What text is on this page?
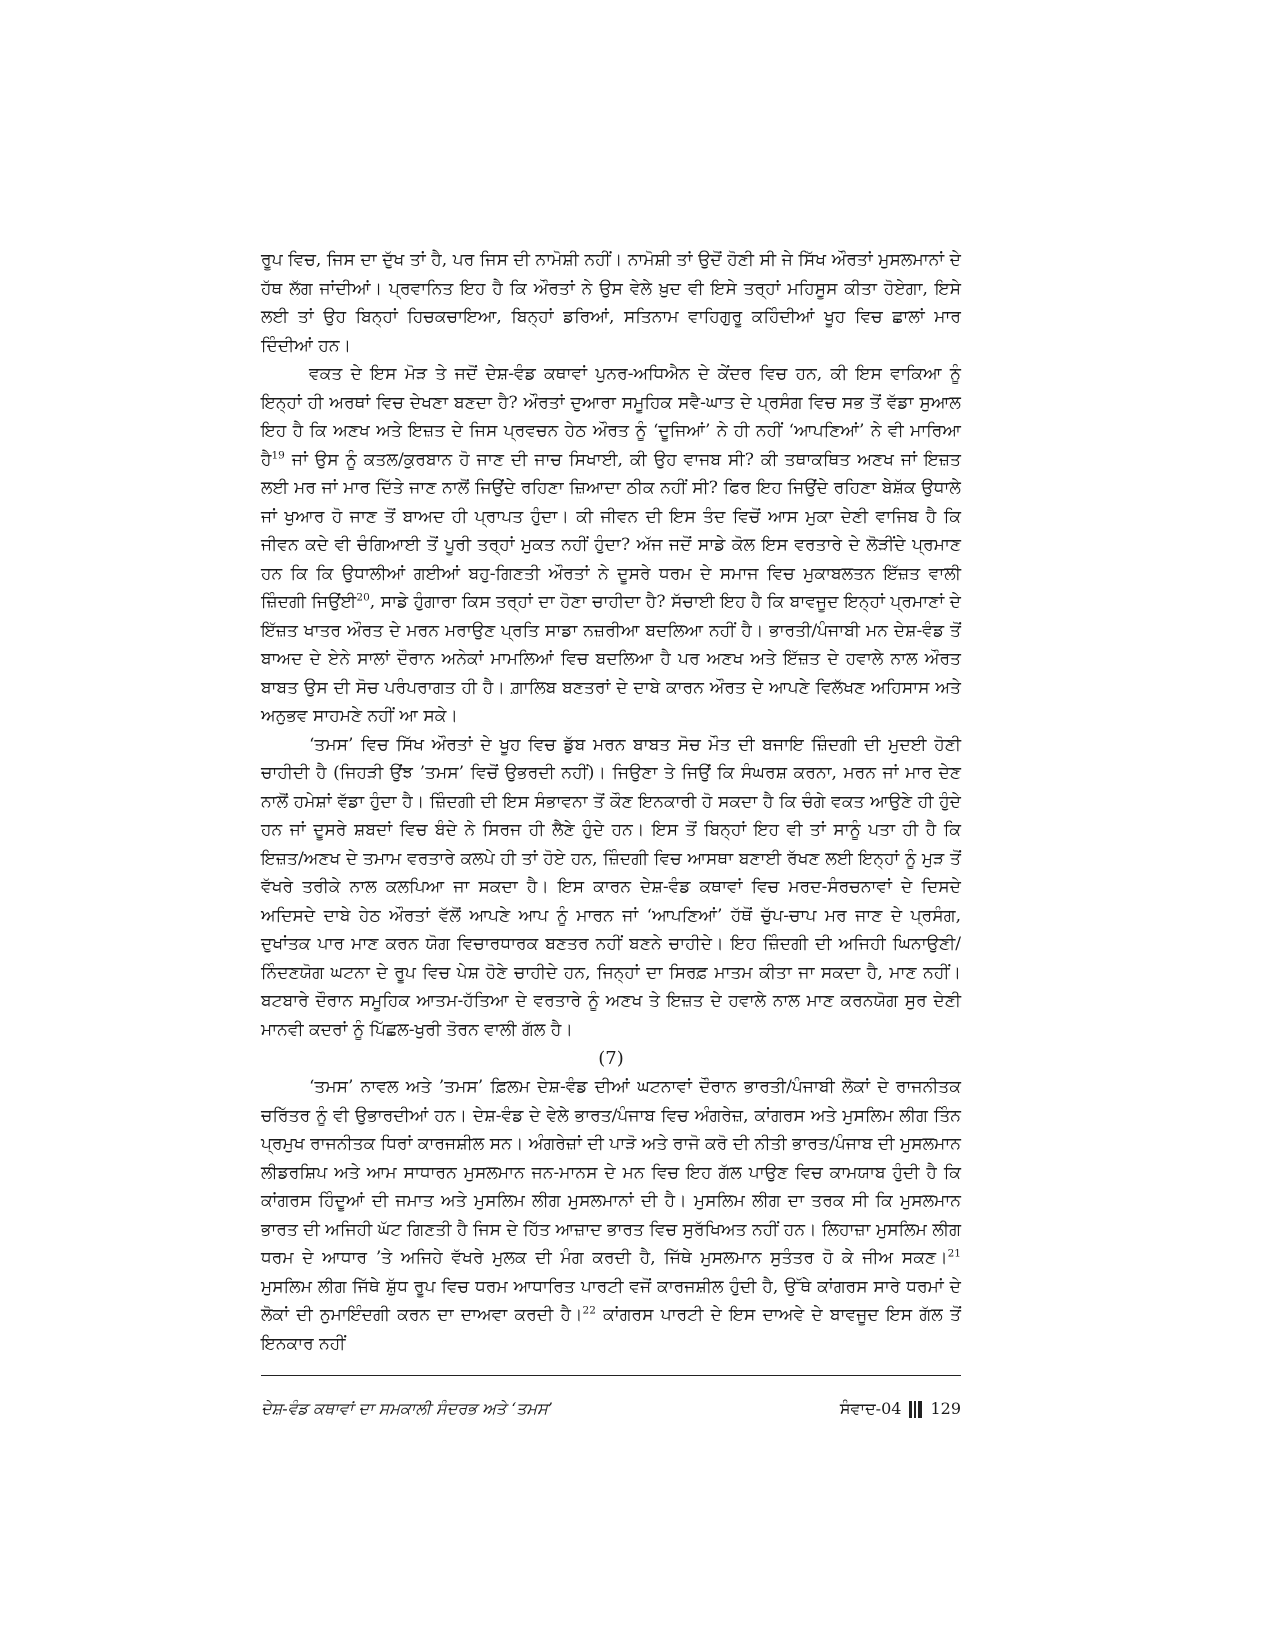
ਰੂਪ ਵਿਚ, ਜਿਸ ਦਾ ਦੁੱਖ ਤਾਂ ਹੈ, ਪਰ ਜਿਸ ਦੀ ਨਾਮੋਸ਼ੀ ਨਹੀਂ। ਨਾਮੋਸ਼ੀ ਤਾਂ ਉਦੋਂ ਹੋਣੀ ਸੀ ਜੇ ਸਿੱਖ ਔਰਤਾਂ ਮੁਸਲਮਾਨਾਂ ਦੇ ਹੱਥ ਲੱਗ ਜਾਂਦੀਆਂ। ਪ੍ਰਵਾਨਿਤ ਇਹ ਹੈ ਕਿ ਔਰਤਾਂ ਨੇ ਉਸ ਵੇਲੇ ਖ਼ੁਦ ਵੀ ਇਸੇ ਤਰ੍ਹਾਂ ਮਹਿਸੂਸ ਕੀਤਾ ਹੋਏਗਾ, ਇਸੇ ਲਈ ਤਾਂ ਉਹ ਬਿਨ੍ਹਾਂ ਹਿਚਕਚਾਇਆ, ਬਿਨ੍ਹਾਂ ਡਰਿਆਂ, ਸਤਿਨਾਮ ਵਾਹਿਗੁਰੂ ਕਹਿੰਦੀਆਂ ਖੂਹ ਵਿਚ ਛਾਲਾਂ ਮਾਰ ਦਿੰਦੀਆਂ ਹਨ।

ਵਕਤ ਦੇ ਇਸ ਮੋੜ ਤੇ ਜਦੋਂ ਦੇਸ਼-ਵੰਡ ਕਥਾਵਾਂ ਪੁਨਰ-ਅਧਿਐਨ ਦੇ ਕੇਂਦਰ ਵਿਚ ਹਨ, ਕੀ ਇਸ ਵਾਕਿਆ ਨੂੰ ਇਨ੍ਹਾਂ ਹੀ ਅਰਥਾਂ ਵਿਚ ਦੇਖਣਾ ਬਣਦਾ ਹੈ? ਔਰਤਾਂ ਦੁਆਰਾ ਸਮੂਹਿਕ ਸਵੈ-ਘਾਤ ਦੇ ਪ੍ਰਸੰਗ ਵਿਚ ਸਭ ਤੋਂ ਵੱਡਾ ਸੁਆਲ ਇਹ ਹੈ ਕਿ ਅਣਖ ਅਤੇ ਇਜ਼ਤ ਦੇ ਜਿਸ ਪ੍ਰਵਚਨ ਹੇਠ ਔਰਤ ਨੂੰ ‘ਦੂਜਿਆਂ’ ਨੇ ਹੀ ਨਹੀਂ ‘ਆਪਣਿਆਂ’ ਨੇ ਵੀ ਮਾਰਿਆ ਹੈ$^{19}$ ਜਾਂ ਉਸ ਨੂੰ ਕਤਲ/ਕੁਰਬਾਨ ਹੋ ਜਾਣ ਦੀ ਜਾਚ ਸਿਖਾਈ, ਕੀ ਉਹ ਵਾਜਬ ਸੀ? ਕੀ ਤਥਾਕਥਿਤ ਅਣਖ ਜਾਂ ਇਜ਼ਤ ਲਈ ਮਰ ਜਾਂ ਮਾਰ ਦਿੱਤੇ ਜਾਣ ਨਾਲੋਂ ਜਿਉਂਦੇ ਰਹਿਣਾ ਜ਼ਿਆਦਾ ਠੀਕ ਨਹੀਂ ਸੀ? ਫਿਰ ਇਹ ਜਿਉਂਦੇ ਰਹਿਣਾ ਬੇਸ਼ੱਕ ਉਧਾਲੇ ਜਾਂ ਖੁਆਰ ਹੋ ਜਾਣ ਤੋਂ ਬਾਅਦ ਹੀ ਪ੍ਰਾਪਤ ਹੁੰਦਾ। ਕੀ ਜੀਵਨ ਦੀ ਇਸ ਤੰਦ ਵਿਚੋਂ ਆਸ ਮੁਕਾ ਦੇਣੀ ਵਾਜਿਬ ਹੈ ਕਿ ਜੀਵਨ ਕਦੇ ਵੀ ਚੰਗਿਆਈ ਤੋਂ ਪੂਰੀ ਤਰ੍ਹਾਂ ਮੁਕਤ ਨਹੀਂ ਹੁੰਦਾ? ਅੱਜ ਜਦੋਂ ਸਾਡੇ ਕੋਲ ਇਸ ਵਰਤਾਰੇ ਦੇ ਲੋੜੀਂਦੇ ਪ੍ਰਮਾਣ ਹਨ ਕਿ ਕਿ ਉਧਾਲੀਆਂ ਗਈਆਂ ਬਹੁ-ਗਿਣਤੀ ਔਰਤਾਂ ਨੇ ਦੂਸਰੇ ਧਰਮ ਦੇ ਸਮਾਜ ਵਿਚ ਮੁਕਾਬਲਤਨ ਇੱਜ਼ਤ ਵਾਲੀ ਜ਼ਿੰਦਗੀ ਜਿਉਂਈ$^{20}$, ਸਾਡੇ ਹੁੰਗਾਰਾ ਕਿਸ ਤਰ੍ਹਾਂ ਦਾ ਹੋਣਾ ਚਾਹੀਦਾ ਹੈ? ਸੱਚਾਈ ਇਹ ਹੈ ਕਿ ਬਾਵਜੂਦ ਇਨ੍ਹਾਂ ਪ੍ਰਮਾਣਾਂ ਦੇ ਇੱਜ਼ਤ ਖਾਤਰ ਔਰਤ ਦੇ ਮਰਨ ਮਰਾਉਣ ਪ੍ਰਤਿ ਸਾਡਾ ਨਜ਼ਰੀਆ ਬਦਲਿਆ ਨਹੀਂ ਹੈ। ਭਾਰਤੀ/ਪੰਜਾਬੀ ਮਨ ਦੇਸ਼-ਵੰਡ ਤੋਂ ਬਾਅਦ ਦੇ ਏਨੇ ਸਾਲਾਂ ਦੌਰਾਨ ਅਨੇਕਾਂ ਮਾਮਲਿਆਂ ਵਿਚ ਬਦਲਿਆ ਹੈ ਪਰ ਅਣਖ ਅਤੇ ਇੱਜ਼ਤ ਦੇ ਹਵਾਲੇ ਨਾਲ ਔਰਤ ਬਾਬਤ ਉਸ ਦੀ ਸੋਚ ਪਰੰਪਰਾਗਤ ਹੀ ਹੈ। ਗ਼ਾਲਿਬ ਬਣਤਰਾਂ ਦੇ ਦਾਬੇ ਕਾਰਨ ਔਰਤ ਦੇ ਆਪਣੇ ਵਿਲੱਖਣ ਅਹਿਸਾਸ ਅਤੇ ਅਨੁਭਵ ਸਾਹਮਣੇ ਨਹੀਂ ਆ ਸਕੇ।

‘ਤਮਸ’ ਵਿਚ ਸਿੱਖ ਔਰਤਾਂ ਦੇ ਖੂਹ ਵਿਚ ਡੁੱਬ ਮਰਨ ਬਾਬਤ ਸੋਚ ਮੌਤ ਦੀ ਬਜਾਇ ਜ਼ਿੰਦਗੀ ਦੀ ਮੁਦਈ ਹੋਣੀ ਚਾਹੀਦੀ ਹੈ (ਜਿਹੜੀ ਉਂਝ ’ਤਮਸ’ ਵਿਚੋਂ ਉਭਰਦੀ ਨਹੀਂ)। ਜਿਉਣਾ ਤੇ ਜਿਉਂ ਕਿ ਸੰਘਰਸ਼ ਕਰਨਾ, ਮਰਨ ਜਾਂ ਮਾਰ ਦੇਣ ਨਾਲੋਂ ਹਮੇਸ਼ਾਂ ਵੱਡਾ ਹੁੰਦਾ ਹੈ। ਜ਼ਿੰਦਗੀ ਦੀ ਇਸ ਸੰਭਾਵਨਾ ਤੋਂ ਕੌਣ ਇਨਕਾਰੀ ਹੋ ਸਕਦਾ ਹੈ ਕਿ ਚੰਗੇ ਵਕਤ ਆਉਣੇ ਹੀ ਹੁੰਦੇ ਹਨ ਜਾਂ ਦੂਸਰੇ ਸ਼ਬਦਾਂ ਵਿਚ ਬੰਦੇ ਨੇ ਸਿਰਜ ਹੀ ਲੈਣੇ ਹੁੰਦੇ ਹਨ। ਇਸ ਤੋਂ ਬਿਨ੍ਹਾਂ ਇਹ ਵੀ ਤਾਂ ਸਾਨੂੰ ਪਤਾ ਹੀ ਹੈ ਕਿ ਇਜ਼ਤ/ਅਣਖ ਦੇ ਤਮਾਮ ਵਰਤਾਰੇ ਕਲਪੇ ਹੀ ਤਾਂ ਹੋਏ ਹਨ, ਜ਼ਿੰਦਗੀ ਵਿਚ ਆਸਥਾ ਬਣਾਈ ਰੱਖਣ ਲਈ ਇਨ੍ਹਾਂ ਨੂੰ ਮੁੜ ਤੋਂ ਵੱਖਰੇ ਤਰੀਕੇ ਨਾਲ ਕਲਪਿਆ ਜਾ ਸਕਦਾ ਹੈ। ਇਸ ਕਾਰਨ ਦੇਸ਼-ਵੰਡ ਕਥਾਵਾਂ ਵਿਚ ਮਰਦ-ਸੰਰਚਨਾਵਾਂ ਦੇ ਦਿਸਦੇ ਅਦਿਸਦੇ ਦਾਬੇ ਹੇਠ ਔਰਤਾਂ ਵੱਲੋਂ ਆਪਣੇ ਆਪ ਨੂੰ ਮਾਰਨ ਜਾਂ ‘ਆਪਣਿਆਂ’ ਹੱਥੋਂ ਚੁੱਪ-ਚਾਪ ਮਰ ਜਾਣ ਦੇ ਪ੍ਰਸੰਗ, ਦੁਖਾਂਤਕ ਪਾਰ ਮਾਣ ਕਰਨ ਯੋਗ ਵਿਚਾਰਧਾਰਕ ਬਣਤਰ ਨਹੀਂ ਬਣਨੇ ਚਾਹੀਦੇ। ਇਹ ਜ਼ਿੰਦਗੀ ਦੀ ਅਜਿਹੀ ਘਿਨਾਉਣੀ/ਨਿੰਦਣਯੋਗ ਘਟਨਾ ਦੇ ਰੂਪ ਵਿਚ ਪੇਸ਼ ਹੋਣੇ ਚਾਹੀਦੇ ਹਨ, ਜਿਨ੍ਹਾਂ ਦਾ ਸਿਰਫ਼ ਮਾਤਮ ਕੀਤਾ ਜਾ ਸਕਦਾ ਹੈ, ਮਾਣ ਨਹੀਂ। ਬਟਬਾਰੇ ਦੌਰਾਨ ਸਮੂਹਿਕ ਆਤਮ-ਹੱਤਿਆ ਦੇ ਵਰਤਾਰੇ ਨੂੰ ਅਣਖ ਤੇ ਇਜ਼ਤ ਦੇ ਹਵਾਲੇ ਨਾਲ ਮਾਣ ਕਰਨਯੋਗ ਸੁਰ ਦੇਣੀ ਮਾਨਵੀ ਕਦਰਾਂ ਨੂੰ ਪਿੱਛਲ-ਖੁਰੀ ਤੋਰਨ ਵਾਲੀ ਗੱਲ ਹੈ।

(7)

‘ਤਮਸ’ ਨਾਵਲ ਅਤੇ ’ਤਮਸ’ ਫ਼ਿਲਮ ਦੇਸ਼-ਵੰਡ ਦੀਆਂ ਘਟਨਾਵਾਂ ਦੌਰਾਨ ਭਾਰਤੀ/ਪੰਜਾਬੀ ਲੋਕਾਂ ਦੇ ਰਾਜਨੀਤਕ ਚਰਿੱਤਰ ਨੂੰ ਵੀ ਉਭਾਰਦੀਆਂ ਹਨ। ਦੇਸ਼-ਵੰਡ ਦੇ ਵੇਲੇ ਭਾਰਤ/ਪੰਜਾਬ ਵਿਚ ਅੰਗਰੇਜ਼, ਕਾਂਗਰਸ ਅਤੇ ਮੁਸਲਿਮ ਲੀਗ ਤਿੰਨ ਪ੍ਰਮੁਖ ਰਾਜਨੀਤਕ ਧਿਰਾਂ ਕਾਰਜਸ਼ੀਲ ਸਨ। ਅੰਗਰੇਜ਼ਾਂ ਦੀ ਪਾੜੋ ਅਤੇ ਰਾਜੋ ਕਰੋ ਦੀ ਨੀਤੀ ਭਾਰਤ/ਪੰਜਾਬ ਦੀ ਮੁਸਲਮਾਨ ਲੀਡਰਸ਼ਿਪ ਅਤੇ ਆਮ ਸਾਧਾਰਨ ਮੁਸਲਮਾਨ ਜਨ-ਮਾਨਸ ਦੇ ਮਨ ਵਿਚ ਇਹ ਗੱਲ ਪਾਉਣ ਵਿਚ ਕਾਮਯਾਬ ਹੁੰਦੀ ਹੈ ਕਿ ਕਾਂਗਰਸ ਹਿੰਦੂਆਂ ਦੀ ਜਮਾਤ ਅਤੇ ਮੁਸਲਿਮ ਲੀਗ ਮੁਸਲਮਾਨਾਂ ਦੀ ਹੈ। ਮੁਸਲਿਮ ਲੀਗ ਦਾ ਤਰਕ ਸੀ ਕਿ ਮੁਸਲਮਾਨ ਭਾਰਤ ਦੀ ਅਜਿਹੀ ਘੱਟ ਗਿਣਤੀ ਹੈ ਜਿਸ ਦੇ ਹਿੱਤ ਆਜ਼ਾਦ ਭਾਰਤ ਵਿਚ ਸੁਰੱਖਿਅਤ ਨਹੀਂ ਹਨ। ਲਿਹਾਜ਼ਾ ਮੁਸਲਿਮ ਲੀਗ ਧਰਮ ਦੇ ਆਧਾਰ ’ਤੇ ਅਜਿਹੇ ਵੱਖਰੇ ਮੁਲਕ ਦੀ ਮੰਗ ਕਰਦੀ ਹੈ, ਜਿੱਥੇ ਮੁਸਲਮਾਨ ਸੁਤੰਤਰ ਹੋ ਕੇ ਜੀਅ ਸਕਣ।$^{21}$ ਮੁਸਲਿਮ ਲੀਗ ਜਿੱਥੇ ਸ਼ੁੱਧ ਰੂਪ ਵਿਚ ਧਰਮ ਆਧਾਰਿਤ ਪਾਰਟੀ ਵਜੋਂ ਕਾਰਜਸ਼ੀਲ ਹੁੰਦੀ ਹੈ, ਉੱਥੇ ਕਾਂਗਰਸ ਸਾਰੇ ਧਰਮਾਂ ਦੇ ਲੋਕਾਂ ਦੀ ਨੁਮਾਇੰਦਗੀ ਕਰਨ ਦਾ ਦਾਅਵਾ ਕਰਦੀ ਹੈ।$^{22}$ ਕਾਂਗਰਸ ਪਾਰਟੀ ਦੇ ਇਸ ਦਾਅਵੇ ਦੇ ਬਾਵਜੂਦ ਇਸ ਗੱਲ ਤੋਂ ਇਨਕਾਰ ਨਹੀਂ

ਦੇਸ਼-ਵੰਡ ਕਥਾਵਾਂ ਦਾ ਸਮਕਾਲੀ ਸੰਦਰਭ ਅਤੇ ‘ਤਮਸ’	ਸੰਵਾਦ-04 129
